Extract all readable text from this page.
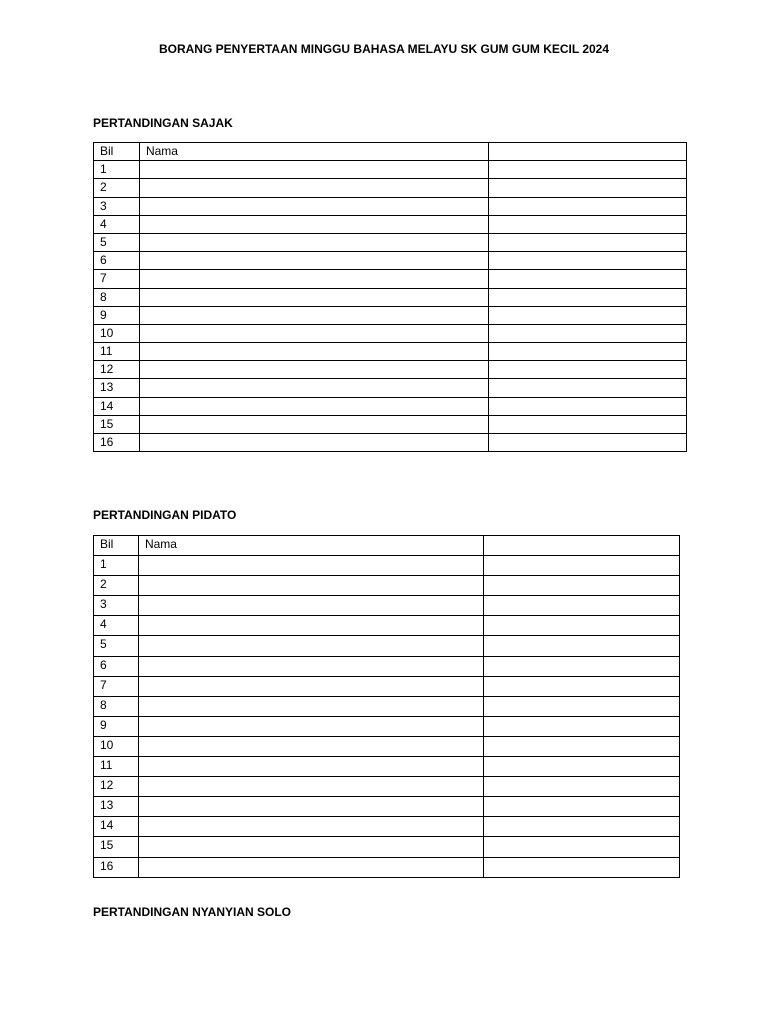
BORANG PENYERTAAN MINGGU BAHASA MELAYU SK GUM GUM KECIL 2024
PERTANDINGAN SAJAK
Bil	Nama	
1		
2		
3		
4		
5		
6		
7		
8		
9		
10		
11		
12		
13		
14		
15		
16		
PERTANDINGAN PIDATO
Bil	Nama	
1		
2		
3		
4		
5		
6		
7		
8		
9		
10		
11		
12		
13		
14		
15		
16		
PERTANDINGAN NYANYIAN SOLO
